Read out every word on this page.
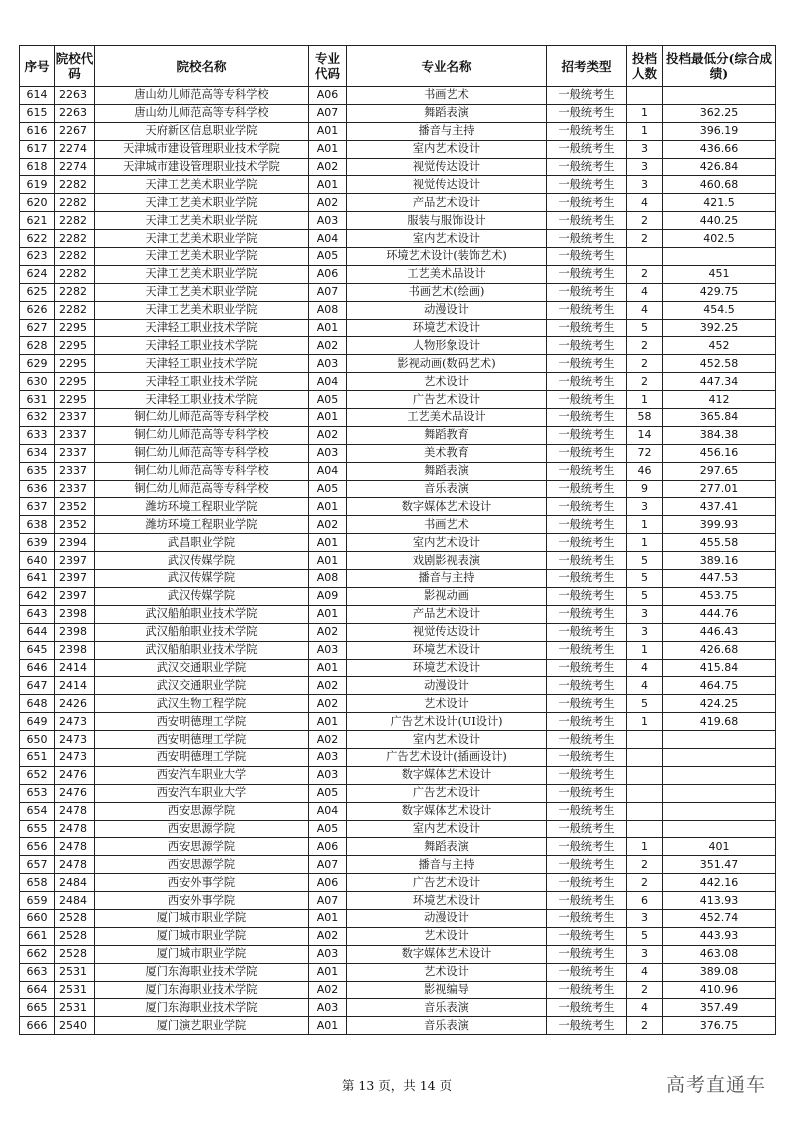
序号	院校代码	院校名称	专业代码	专业名称	招考类型	投档人数	投档最低分(综合成绩)
614	2263	唐山幼儿师范高等专科学校	A06	书画艺术	一般统考生		
615	2263	唐山幼儿师范高等专科学校	A07	舞蹈表演	一般统考生	1	362.25
616	2267	天府新区信息职业学院	A01	播音与主持	一般统考生	1	396.19
617	2274	天津城市建设管理职业技术学院	A01	室内艺术设计	一般统考生	3	436.66
618	2274	天津城市建设管理职业技术学院	A02	视觉传达设计	一般统考生	3	426.84
619	2282	天津工艺美术职业学院	A01	视觉传达设计	一般统考生	3	460.68
620	2282	天津工艺美术职业学院	A02	产品艺术设计	一般统考生	4	421.5
621	2282	天津工艺美术职业学院	A03	服装与服饰设计	一般统考生	2	440.25
622	2282	天津工艺美术职业学院	A04	室内艺术设计	一般统考生	2	402.5
623	2282	天津工艺美术职业学院	A05	环境艺术设计(装饰艺术)	一般统考生		
624	2282	天津工艺美术职业学院	A06	工艺美术品设计	一般统考生	2	451
625	2282	天津工艺美术职业学院	A07	书画艺术(绘画)	一般统考生	4	429.75
626	2282	天津工艺美术职业学院	A08	动漫设计	一般统考生	4	454.5
627	2295	天津轻工职业技术学院	A01	环境艺术设计	一般统考生	5	392.25
628	2295	天津轻工职业技术学院	A02	人物形象设计	一般统考生	2	452
629	2295	天津轻工职业技术学院	A03	影视动画(数码艺术)	一般统考生	2	452.58
630	2295	天津轻工职业技术学院	A04	艺术设计	一般统考生	2	447.34
631	2295	天津轻工职业技术学院	A05	广告艺术设计	一般统考生	1	412
632	2337	铜仁幼儿师范高等专科学校	A01	工艺美术品设计	一般统考生	58	365.84
633	2337	铜仁幼儿师范高等专科学校	A02	舞蹈教育	一般统考生	14	384.38
634	2337	铜仁幼儿师范高等专科学校	A03	美术教育	一般统考生	72	456.16
635	2337	铜仁幼儿师范高等专科学校	A04	舞蹈表演	一般统考生	46	297.65
636	2337	铜仁幼儿师范高等专科学校	A05	音乐表演	一般统考生	9	277.01
637	2352	潍坊环境工程职业学院	A01	数字媒体艺术设计	一般统考生	3	437.41
638	2352	潍坊环境工程职业学院	A02	书画艺术	一般统考生	1	399.93
639	2394	武昌职业学院	A01	室内艺术设计	一般统考生	1	455.58
640	2397	武汉传媒学院	A01	戏剧影视表演	一般统考生	5	389.16
641	2397	武汉传媒学院	A08	播音与主持	一般统考生	5	447.53
642	2397	武汉传媒学院	A09	影视动画	一般统考生	5	453.75
643	2398	武汉船舶职业技术学院	A01	产品艺术设计	一般统考生	3	444.76
644	2398	武汉船舶职业技术学院	A02	视觉传达设计	一般统考生	3	446.43
645	2398	武汉船舶职业技术学院	A03	环境艺术设计	一般统考生	1	426.68
646	2414	武汉交通职业学院	A01	环境艺术设计	一般统考生	4	415.84
647	2414	武汉交通职业学院	A02	动漫设计	一般统考生	4	464.75
648	2426	武汉生物工程学院	A02	艺术设计	一般统考生	5	424.25
649	2473	西安明德理工学院	A01	广告艺术设计(UI设计)	一般统考生	1	419.68
650	2473	西安明德理工学院	A02	室内艺术设计	一般统考生		
651	2473	西安明德理工学院	A03	广告艺术设计(插画设计)	一般统考生		
652	2476	西安汽车职业大学	A03	数字媒体艺术设计	一般统考生		
653	2476	西安汽车职业大学	A05	广告艺术设计	一般统考生		
654	2478	西安思源学院	A04	数字媒体艺术设计	一般统考生		
655	2478	西安思源学院	A05	室内艺术设计	一般统考生		
656	2478	西安思源学院	A06	舞蹈表演	一般统考生	1	401
657	2478	西安思源学院	A07	播音与主持	一般统考生	2	351.47
658	2484	西安外事学院	A06	广告艺术设计	一般统考生	2	442.16
659	2484	西安外事学院	A07	环境艺术设计	一般统考生	6	413.93
660	2528	厦门城市职业学院	A01	动漫设计	一般统考生	3	452.74
661	2528	厦门城市职业学院	A02	艺术设计	一般统考生	5	443.93
662	2528	厦门城市职业学院	A03	数字媒体艺术设计	一般统考生	3	463.08
663	2531	厦门东海职业技术学院	A01	艺术设计	一般统考生	4	389.08
664	2531	厦门东海职业技术学院	A02	影视编导	一般统考生	2	410.96
665	2531	厦门东海职业技术学院	A03	音乐表演	一般统考生	4	357.49
666	2540	厦门演艺职业学院	A01	音乐表演	一般统考生	2	376.75
第 13 页，共 14 页	高考直通车
